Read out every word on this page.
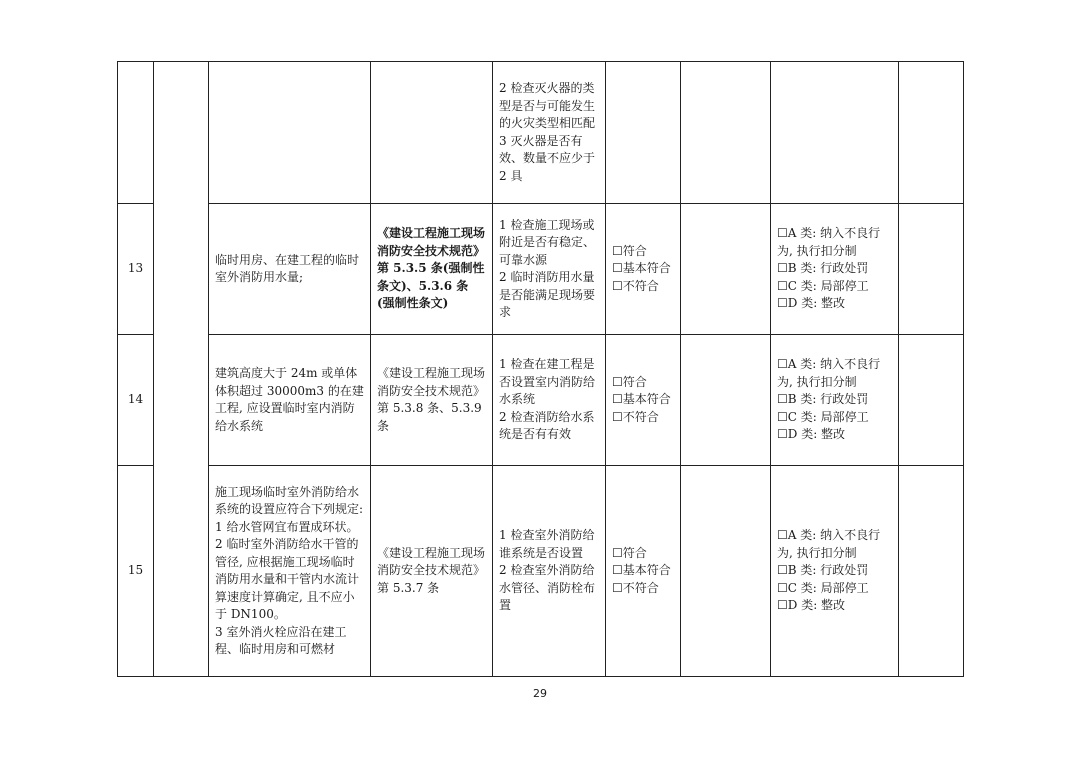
				2 检查灭火器的类型是否与可能发生的火灾类型相匹配
3 灭火器是否有效、数量不应少于 2 具				
13		临时用房、在建工程的临时室外消防用水量;	《建设工程施工现场消防安全技术规范》第 5.3.5 条(强制性条文)、5.3.6 条 (强制性条文)	1 检查施工现场或附近是否有稳定、可靠水源
2 临时消防用水量是否能满足现场要求	☐符合
☐基本符合
☐不符合		☐A 类: 纳入不良行为, 执行扣分制
☐B 类: 行政处罚
☐C 类: 局部停工
☐D 类: 整改	
14		建筑高度大于 24m 或单体体积超过 30000m3 的在建工程, 应设置临时室内消防给水系统	《建设工程施工现场消防安全技术规范》第 5.3.8 条、5.3.9 条	1 检查在建工程是否设置室内消防给水系统
2 检查消防给水系统是否有有效	☐符合
☐基本符合
☐不符合		☐A 类: 纳入不良行为, 执行扣分制
☐B 类: 行政处罚
☐C 类: 局部停工
☐D 类: 整改	
15		施工现场临时室外消防给水系统的设置应符合下列规定:
1 给水管网宜布置成环状。
2 临时室外消防给水干管的管径, 应根据施工现场临时消防用水量和干管内水流计算速度计算确定, 且不应小于 DN100。
3 室外消火栓应沿在建工程、临时用房和可燃材	《建设工程施工现场消防安全技术规范》第 5.3.7 条	1 检查室外消防给谁系统是否设置
2 检查室外消防给水管径、消防栓布置	☐符合
☐基本符合
☐不符合		☐A 类: 纳入不良行为, 执行扣分制
☐B 类: 行政处罚
☐C 类: 局部停工
☐D 类: 整改	
29
